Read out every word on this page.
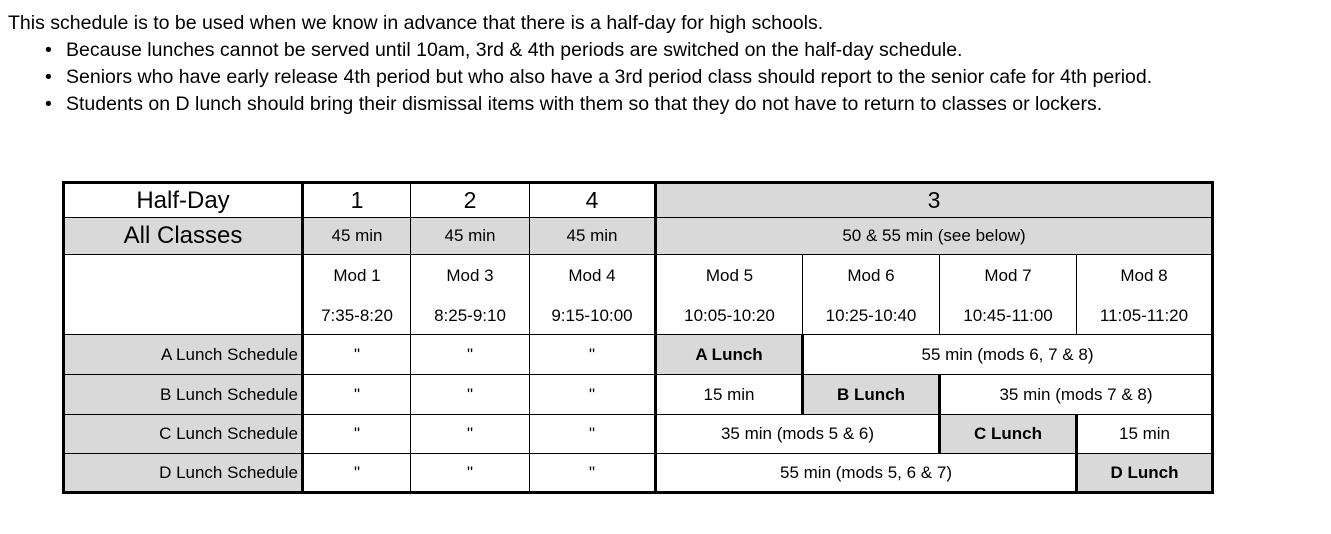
This schedule is to be used when we know in advance that there is a half-day for high schools.
• Because lunches cannot be served until 10am, 3rd & 4th periods are switched on the half-day schedule.
• Seniors who have early release 4th period but who also have a 3rd period class should report to the senior cafe for 4th period.
• Students on D lunch should bring their dismissal items with them so that they do not have to return to classes or lockers.
Half-Day	1	2	4	3			
All Classes	45 min	45 min	45 min	50 & 55 min (see below)			
	Mod 1	Mod 3	Mod 4	Mod 5	Mod 6	Mod 7	Mod 8
	7:35-8:20	8:25-9:10	9:15-10:00	10:05-10:20	10:25-10:40	10:45-11:00	11:05-11:20
A Lunch Schedule	"	"	"	A Lunch	55 min (mods 6, 7 & 8)		
B Lunch Schedule	"	"	"	15 min	B Lunch	35 min (mods 7 & 8)	
C Lunch Schedule	"	"	"	35 min (mods 5 & 6)		C Lunch	15 min
D Lunch Schedule	"	"	"	55 min (mods 5, 6 & 7)			D Lunch
